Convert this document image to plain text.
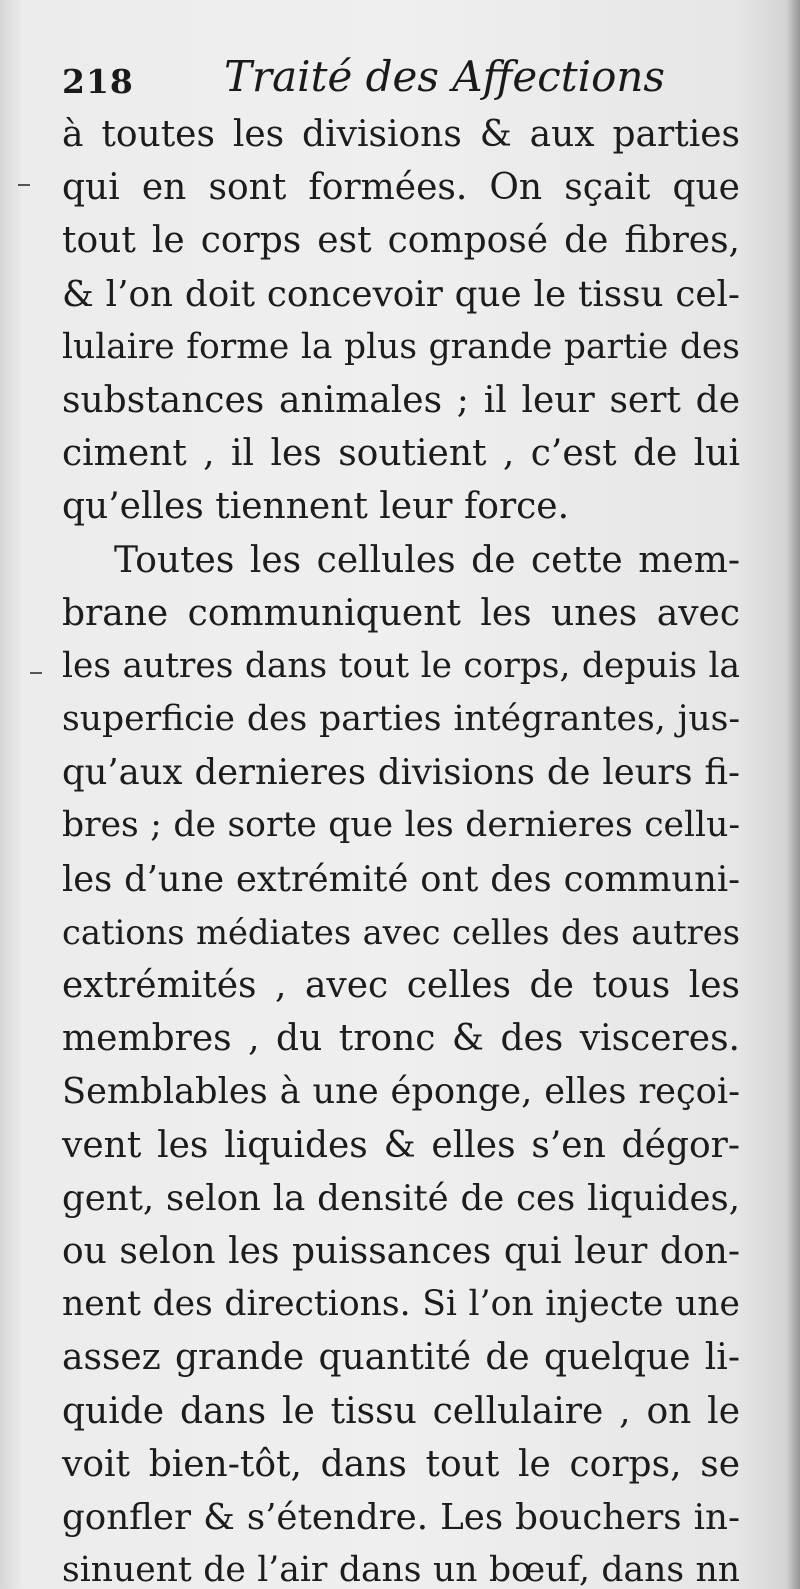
218 Traité des Affections
à toutes les divisions & aux parties
qui en sont formées. On sçait que
tout le corps est composé de fibres,
& l’on doit concevoir que le tissu cel-
lulaire forme la plus grande partie des
substances animales ; il leur sert de
ciment , il les soutient , c’est de lui
qu’elles tiennent leur force.
Toutes les cellules de cette mem-
brane communiquent les unes avec
les autres dans tout le corps, depuis la
superficie des parties intégrantes, jus-
qu’aux dernieres divisions de leurs fi-
bres ; de sorte que les dernieres cellu-
les d’une extrémité ont des communi-
cations médiates avec celles des autres
extrémités , avec celles de tous les
membres , du tronc & des visceres.
Semblables à une éponge, elles reçoi-
vent les liquides & elles s’en dégor-
gent, selon la densité de ces liquides,
ou selon les puissances qui leur don-
nent des directions. Si l’on injecte une
assez grande quantité de quelque li-
quide dans le tissu cellulaire , on le
voit bien-tôt, dans tout le corps, se
gonfler & s’étendre. Les bouchers in-
sinuent de l’air dans un bœuf, dans nn
